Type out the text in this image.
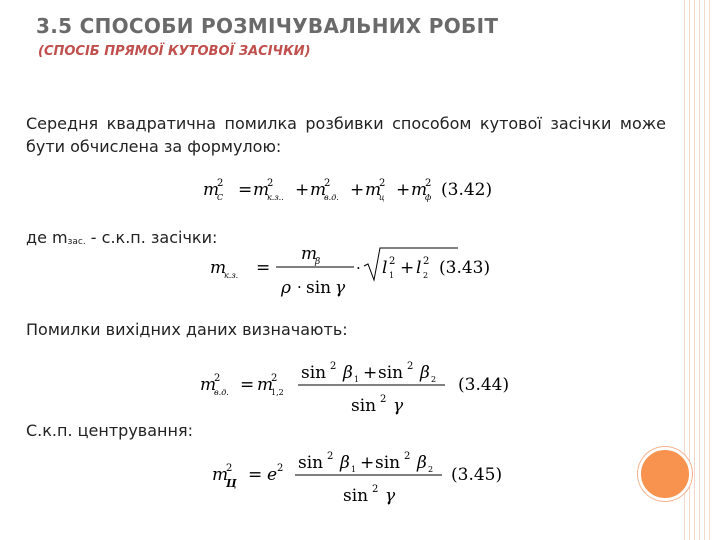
3.5 СПОСОБИ РОЗМІЧУВАЛЬНИХ РОБІТ
(СПОСІБ ПРЯМОЇ КУТОВОЇ ЗАСІЧКИ)

Середня квадратична помилка розбивки способом кутової засічки може бути обчислена за формулою:

m
2
C = m
2
к.з.. + m
2
в.д. + m
2
ц + m
2
ф (3.42)

де mзас. - с.к.п. засічки:

m
к.з. =
m
β
ρ · sin γ
· l 2
1 + l 2
2 (3.43)

Помилки вихідних даних визначають:

m
2
в.д. = m
2
1,2
sin 2 β 1 + sin 2 β 2
sin 2 γ
(3.44)

С.к.п. центрування:

m
2
Ц = e 2 sin 2 β 1 + sin 2 β 2
sin 2 γ
(3.45)
